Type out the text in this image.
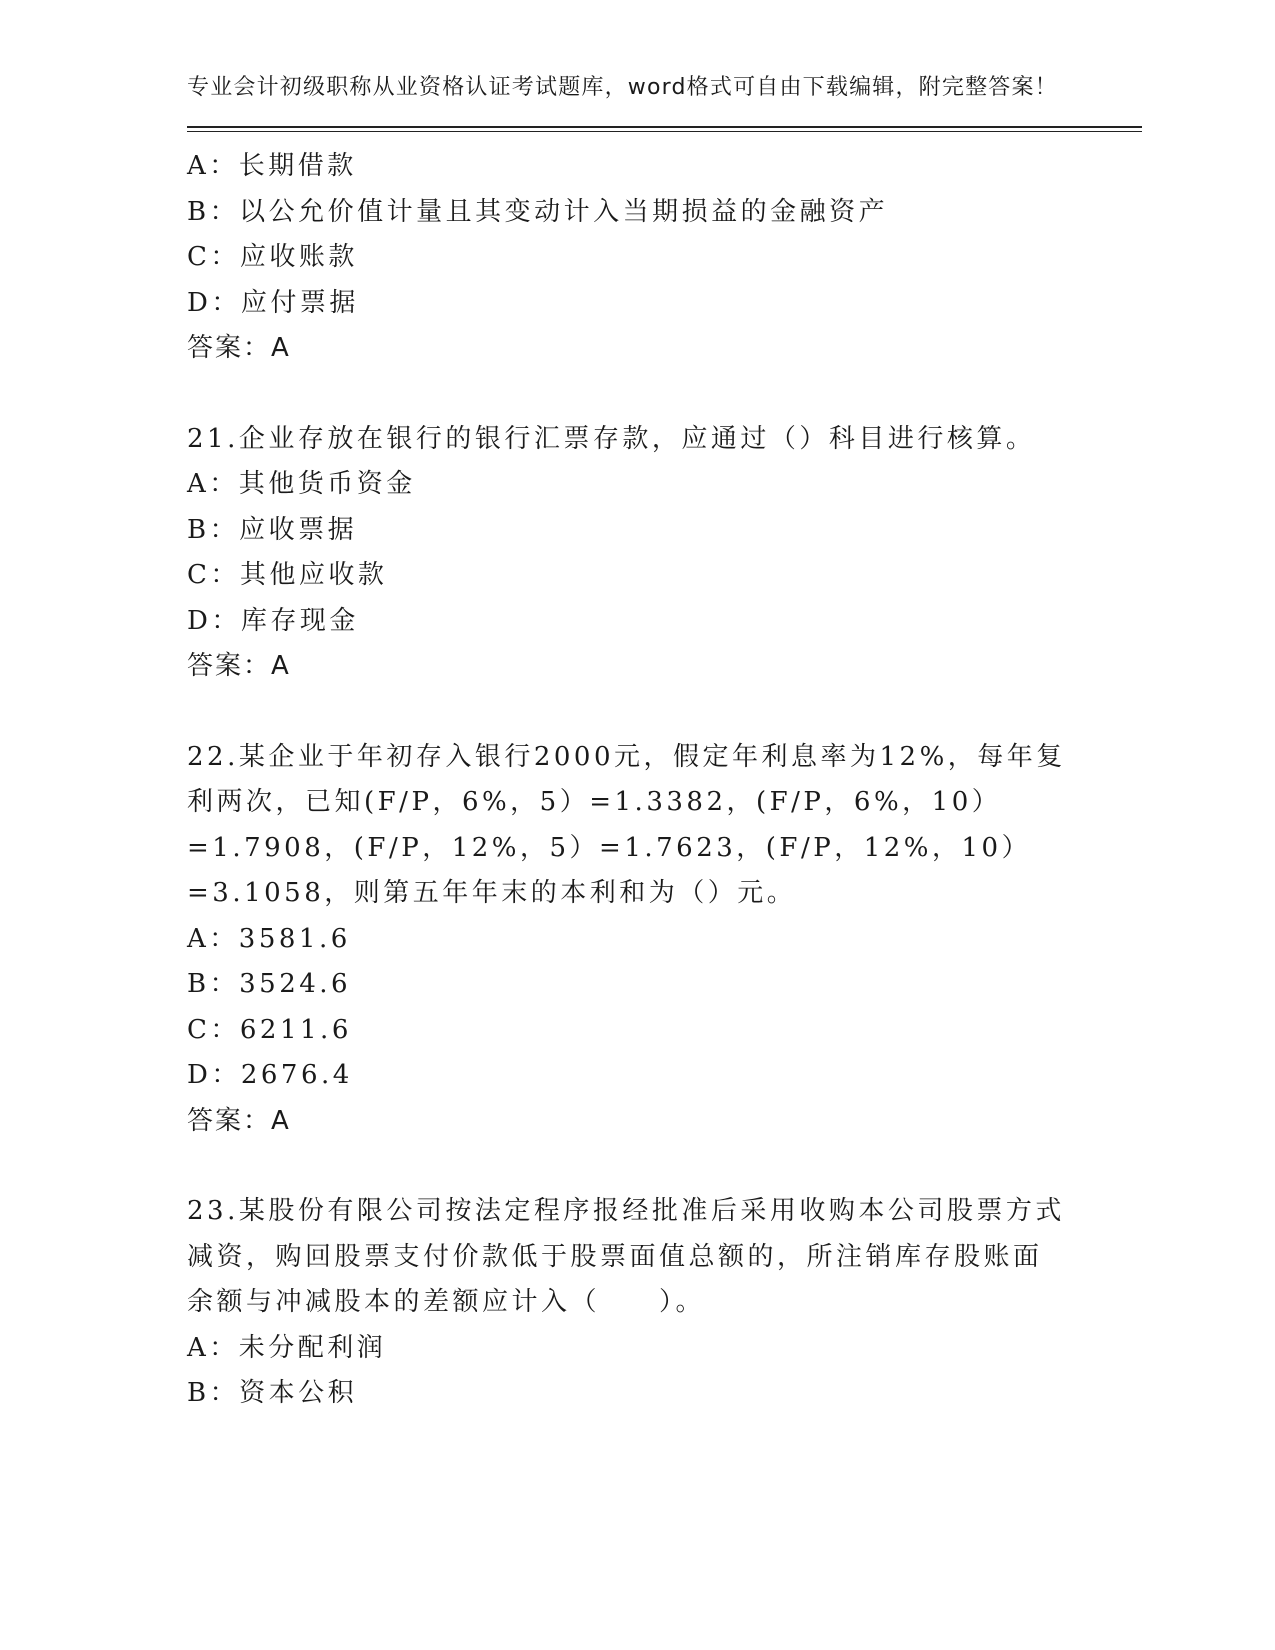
专业会计初级职称从业资格认证考试题库，word格式可自由下载编辑，附完整答案！

A：长期借款
B：以公允价值计量且其变动计入当期损益的金融资产
C：应收账款
D：应付票据
答案：A
21.企业存放在银行的银行汇票存款，应通过（）科目进行核算。
A：其他货币资金
B：应收票据
C：其他应收款
D：库存现金
答案：A
22.某企业于年初存入银行2000元，假定年利息率为12%，每年复利两次，已知(F/P，6%，5）=1.3382，(F/P，6%，10）=1.7908，(F/P，12%，5）=1.7623，(F/P，12%，10）=3.1058，则第五年年末的本利和为（）元。
A：3581.6
B：3524.6
C：6211.6
D：2676.4
答案：A
23.某股份有限公司按法定程序报经批准后采用收购本公司股票方式减资，购回股票支付价款低于股票面值总额的，所注销库存股账面余额与冲减股本的差额应计入（　　）。
A：未分配利润
B：资本公积
